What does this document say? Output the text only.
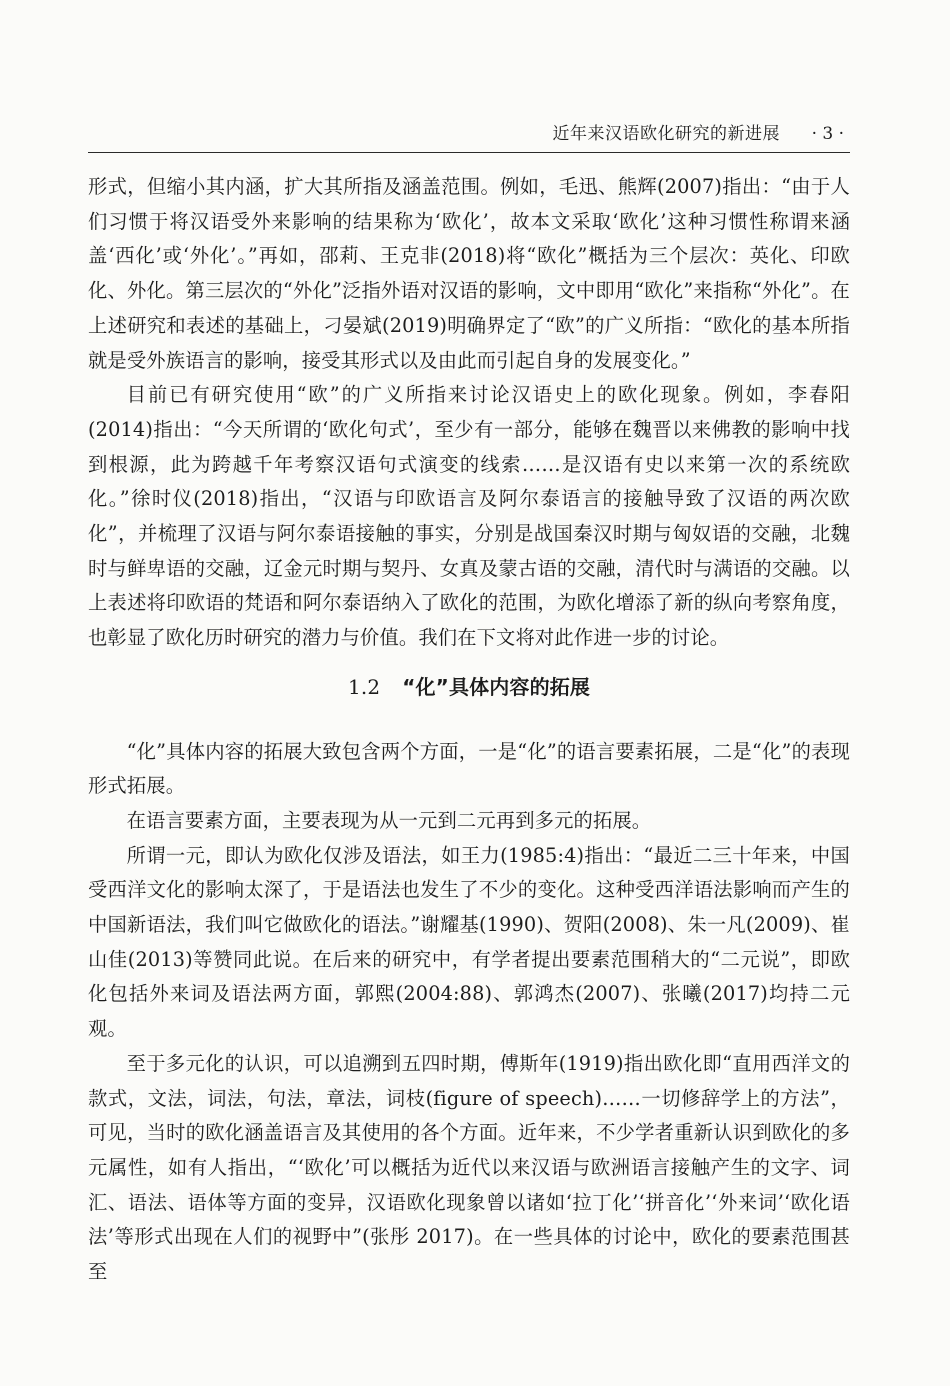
近年来汉语欧化研究的新进展 · 3 ·

形式，但缩小其内涵，扩大其所指及涵盖范围。例如，毛迅、熊辉(2007)指出：“由于人们习惯于将汉语受外来影响的结果称为‘欧化’，故本文采取‘欧化’这种习惯性称谓来涵盖‘西化’或‘外化’。”再如，邵莉、王克非(2018)将“欧化”概括为三个层次：英化、印欧化、外化。第三层次的“外化”泛指外语对汉语的影响，文中即用“欧化”来指称“外化”。在上述研究和表述的基础上，刁晏斌(2019)明确界定了“欧”的广义所指：“欧化的基本所指就是受外族语言的影响，接受其形式以及由此而引起自身的发展变化。”

目前已有研究使用“欧”的广义所指来讨论汉语史上的欧化现象。例如，李春阳(2014)指出：“今天所谓的‘欧化句式’，至少有一部分，能够在魏晋以来佛教的影响中找到根源，此为跨越千年考察汉语句式演变的线索……是汉语有史以来第一次的系统欧化。”徐时仪(2018)指出，“汉语与印欧语言及阿尔泰语言的接触导致了汉语的两次欧化”，并梳理了汉语与阿尔泰语接触的事实，分别是战国秦汉时期与匈奴语的交融，北魏时与鲜卑语的交融，辽金元时期与契丹、女真及蒙古语的交融，清代时与满语的交融。以上表述将印欧语的梵语和阿尔泰语纳入了欧化的范围，为欧化增添了新的纵向考察角度，也彰显了欧化历时研究的潜力与价值。我们在下文将对此作进一步的讨论。

1.2 “化”具体内容的拓展

“化”具体内容的拓展大致包含两个方面，一是“化”的语言要素拓展，二是“化”的表现形式拓展。

在语言要素方面，主要表现为从一元到二元再到多元的拓展。

所谓一元，即认为欧化仅涉及语法，如王力(1985:4)指出：“最近二三十年来，中国受西洋文化的影响太深了，于是语法也发生了不少的变化。这种受西洋语法影响而产生的中国新语法，我们叫它做欧化的语法。”谢耀基(1990)、贺阳(2008)、朱一凡(2009)、崔山佳(2013)等赞同此说。在后来的研究中，有学者提出要素范围稍大的“二元说”，即欧化包括外来词及语法两方面，郭熙(2004:88)、郭鸿杰(2007)、张曦(2017)均持二元观。

至于多元化的认识，可以追溯到五四时期，傅斯年(1919)指出欧化即“直用西洋文的款式，文法，词法，句法，章法，词枝(figure of speech)……一切修辞学上的方法”，可见，当时的欧化涵盖语言及其使用的各个方面。近年来，不少学者重新认识到欧化的多元属性，如有人指出，“‘欧化’可以概括为近代以来汉语与欧洲语言接触产生的文字、词汇、语法、语体等方面的变异，汉语欧化现象曾以诸如‘拉丁化’‘拼音化’‘外来词’‘欧化语法’等形式出现在人们的视野中”(张彤 2017)。在一些具体的讨论中，欧化的要素范围甚至
